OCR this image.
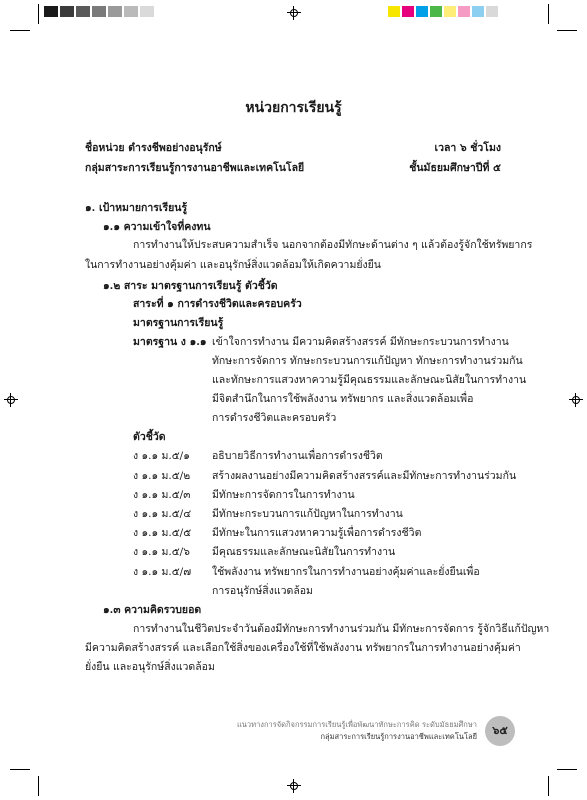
หน่วยการเรียนรู้
ชื่อหน่วย ดำรงชีพอย่างอนุรักษ์	เวลา ๖ ชั่วโมง
กลุ่มสาระการเรียนรู้การงานอาชีพและเทคโนโลยี	ชั้นมัธยมศึกษาปีที่ ๕
๑. เป้าหมายการเรียนรู้
๑.๑ ความเข้าใจที่คงทน
การทำงานให้ประสบความสำเร็จ นอกจากต้องมีทักษะด้านต่าง ๆ แล้วต้องรู้จักใช้ทรัพยากร
ในการทำงานอย่างคุ้มค่า และอนุรักษ์สิ่งแวดล้อมให้เกิดความยั่งยืน
๑.๒ สาระ มาตรฐานการเรียนรู้ ตัวชี้วัด
สาระที่ ๑ การดำรงชีวิตและครอบครัว
มาตรฐานการเรียนรู้
มาตรฐาน ง ๑.๑ เข้าใจการทำงาน มีความคิดสร้างสรรค์ มีทักษะกระบวนการทำงาน
ทักษะการจัดการ ทักษะกระบวนการแก้ปัญหา ทักษะการทำงานร่วมกัน
และทักษะการแสวงหาความรู้มีคุณธรรมและลักษณะนิสัยในการทำงาน
มีจิตสำนึกในการใช้พลังงาน ทรัพยากร และสิ่งแวดล้อมเพื่อ
การดำรงชีวิตและครอบครัว
ตัวชี้วัด
ง ๑.๑ ม.๕/๑ อธิบายวิธีการทำงานเพื่อการดำรงชีวิต
ง ๑.๑ ม.๕/๒ สร้างผลงานอย่างมีความคิดสร้างสรรค์และมีทักษะการทำงานร่วมกัน
ง ๑.๑ ม.๕/๓ มีทักษะการจัดการในการทำงาน
ง ๑.๑ ม.๕/๔ มีทักษะกระบวนการแก้ปัญหาในการทำงาน
ง ๑.๑ ม.๕/๕ มีทักษะในการแสวงหาความรู้เพื่อการดำรงชีวิต
ง ๑.๑ ม.๕/๖ มีคุณธรรมและลักษณะนิสัยในการทำงาน
ง ๑.๑ ม.๕/๗ ใช้พลังงาน ทรัพยากรในการทำงานอย่างคุ้มค่าและยั่งยืนเพื่อ
การอนุรักษ์สิ่งแวดล้อม
๑.๓ ความคิดรวบยอด
การทำงานในชีวิตประจำวันต้องมีทักษะการทำงานร่วมกัน มีทักษะการจัดการ รู้จักวิธีแก้ปัญหา
มีความคิดสร้างสรรค์ และเลือกใช้สิ่งของเครื่องใช้ที่ใช้พลังงาน ทรัพยากรในการทำงานอย่างคุ้มค่า
ยั่งยืน และอนุรักษ์สิ่งแวดล้อม
แนวทางการจัดกิจกรรมการเรียนรู้เพื่อพัฒนาทักษะการคิด ระดับมัธยมศึกษา
กลุ่มสาระการเรียนรู้การงานอาชีพและเทคโนโลยี	๖๕
